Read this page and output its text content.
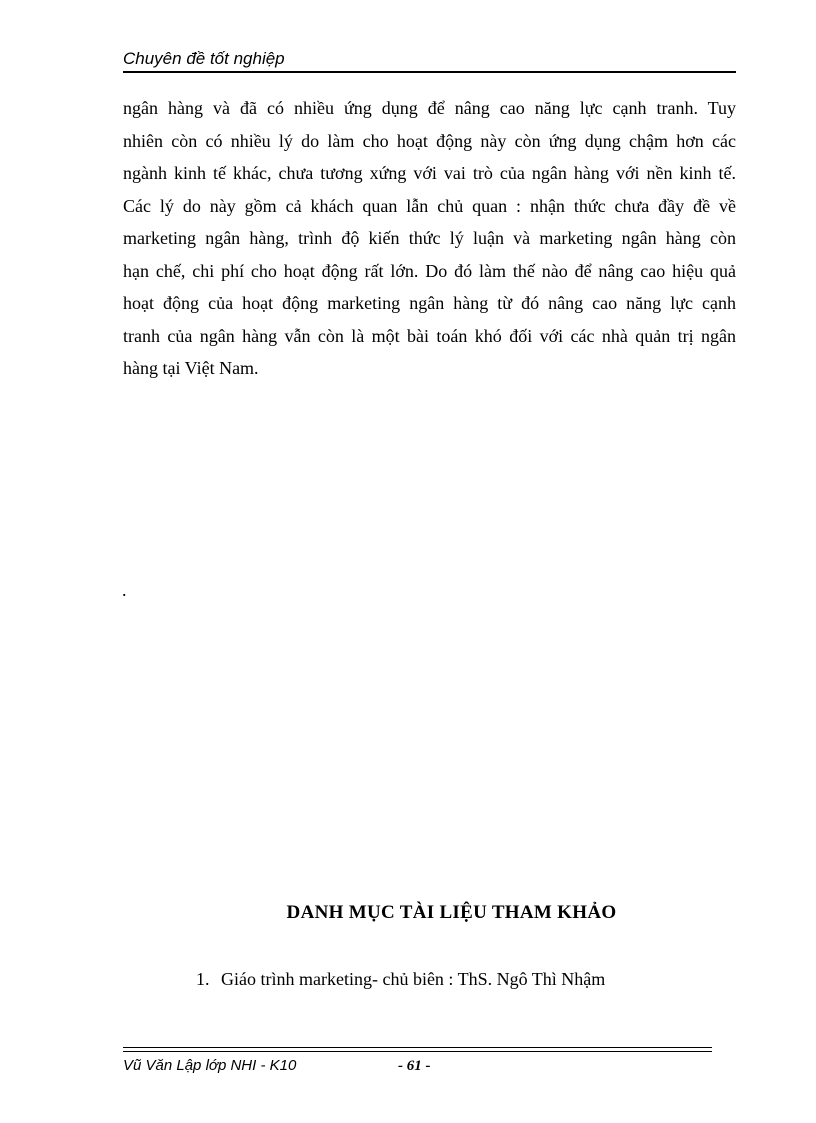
Chuyên đề tốt nghiệp

ngân hàng và đã có nhiều ứng dụng để nâng cao năng lực cạnh tranh. Tuy
nhiên còn có nhiều lý do làm cho hoạt động này còn ứng dụng chậm hơn các
ngành kinh tế khác, chưa tương xứng với vai trò của ngân hàng với nền kinh tế.
Các lý do này gồm cả khách quan lẫn chủ quan : nhận thức chưa đầy đề về
marketing ngân hàng, trình độ kiến thức lý luận và marketing ngân hàng còn
hạn chế, chi phí cho hoạt động rất lớn. Do đó làm thế nào để nâng cao hiệu quả
hoạt động của hoạt động marketing ngân hàng từ đó nâng cao năng lực cạnh
tranh của ngân hàng vẫn còn là một bài toán khó đối với các nhà quản trị ngân
hàng tại Việt Nam.

.
DANH MỤC TÀI LIỆU THAM KHẢO
1. Giáo trình marketing- chủ biên : ThS. Ngô Thì Nhậm
Vũ Văn Lập lớp NHI - K10	- 61 -
